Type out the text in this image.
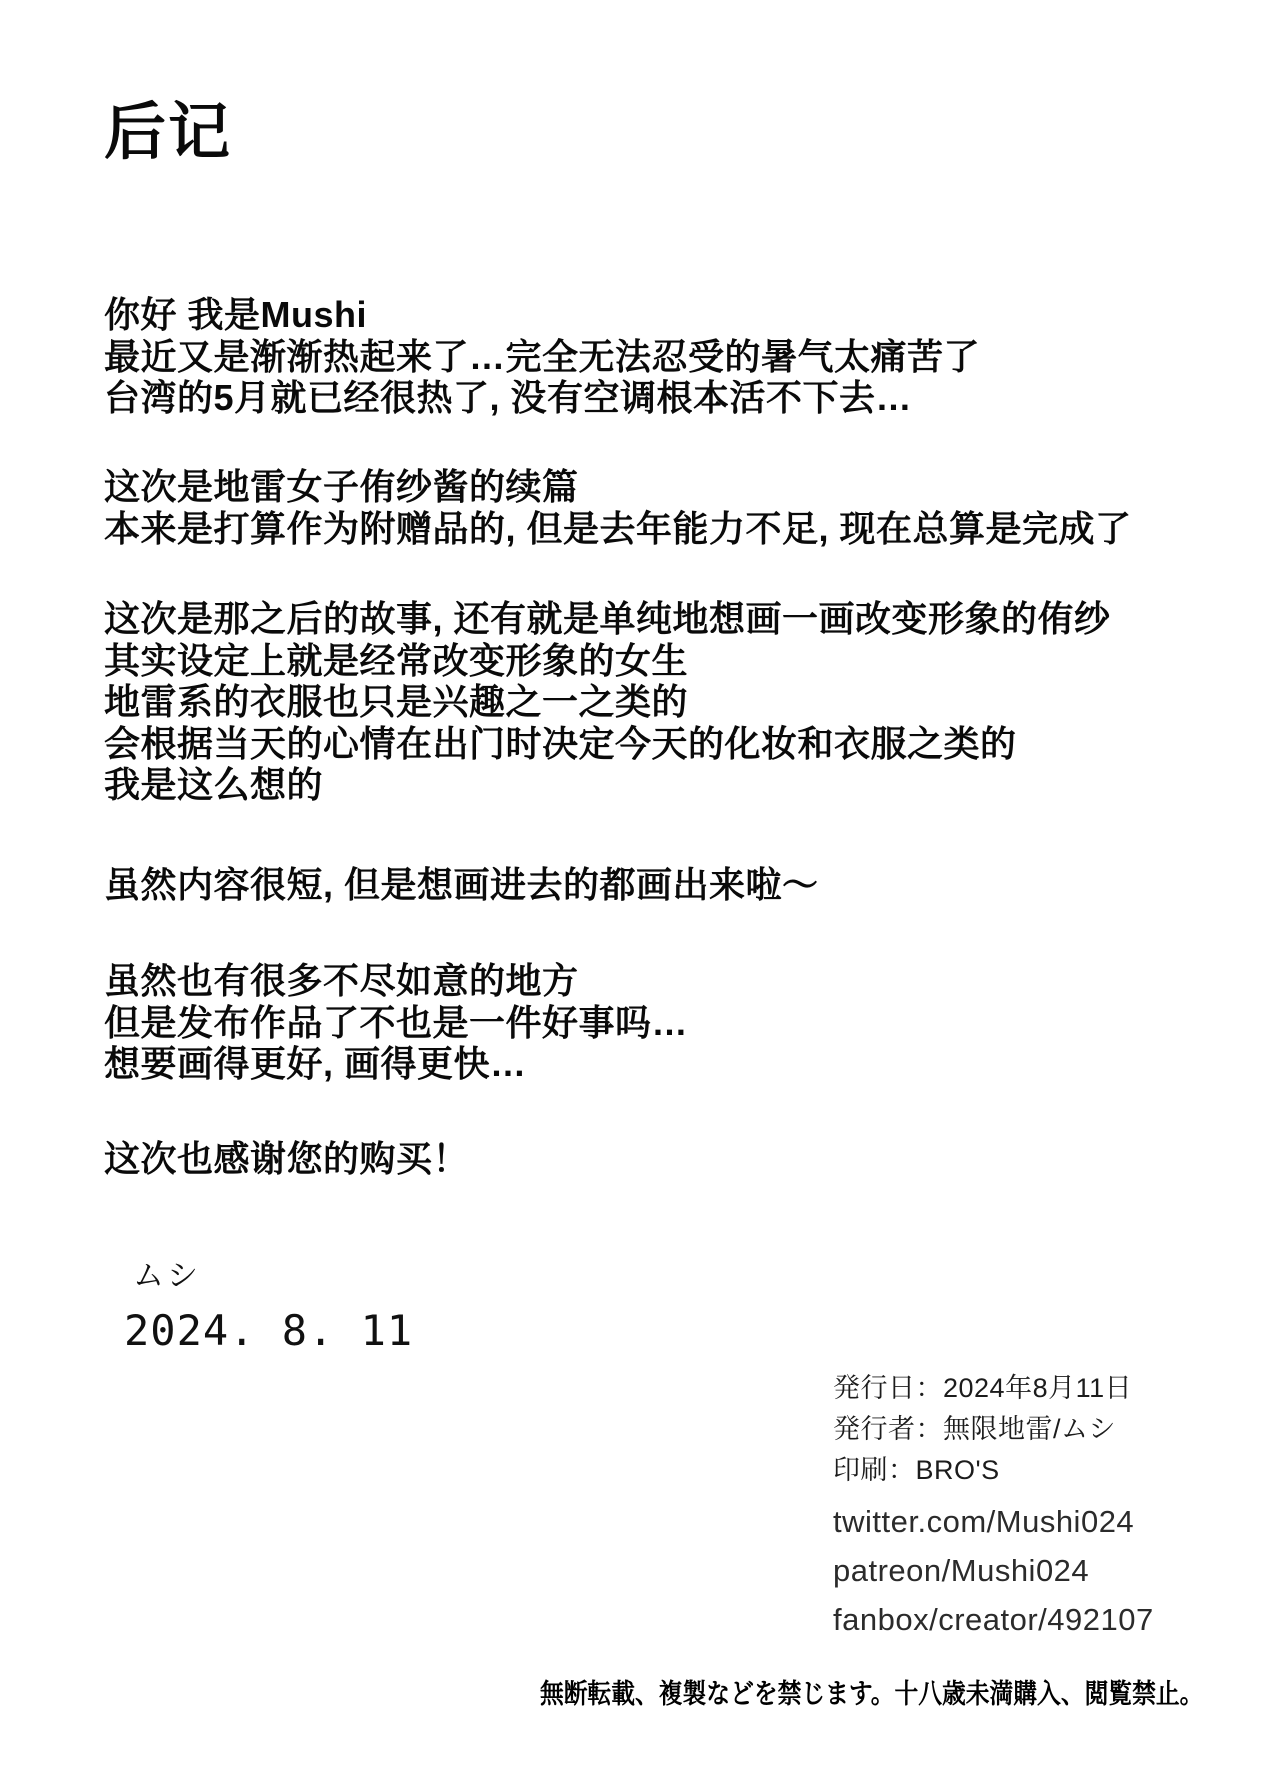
后记
你好 我是Mushi
最近又是渐渐热起来了…完全无法忍受的暑气太痛苦了
台湾的5月就已经很热了, 没有空调根本活不下去…
这次是地雷女子侑纱酱的续篇
本来是打算作为附赠品的, 但是去年能力不足, 现在总算是完成了
这次是那之后的故事, 还有就是单纯地想画一画改变形象的侑纱
其实设定上就是经常改变形象的女生
地雷系的衣服也只是兴趣之一之类的
会根据当天的心情在出门时决定今天的化妆和衣服之类的
我是这么想的
虽然内容很短, 但是想画进去的都画出来啦～
虽然也有很多不尽如意的地方
但是发布作品了不也是一件好事吗…
想要画得更好, 画得更快…
这次也感谢您的购买！
ムシ
2024. 8. 11
発行日：2024年8月11日
発行者：無限地雷/ムシ
印刷：BRO'S
twitter.com/Mushi024
patreon/Mushi024
fanbox/creator/492107
無断転載、複製などを禁じます。十八歳未満購入、閲覧禁止。
